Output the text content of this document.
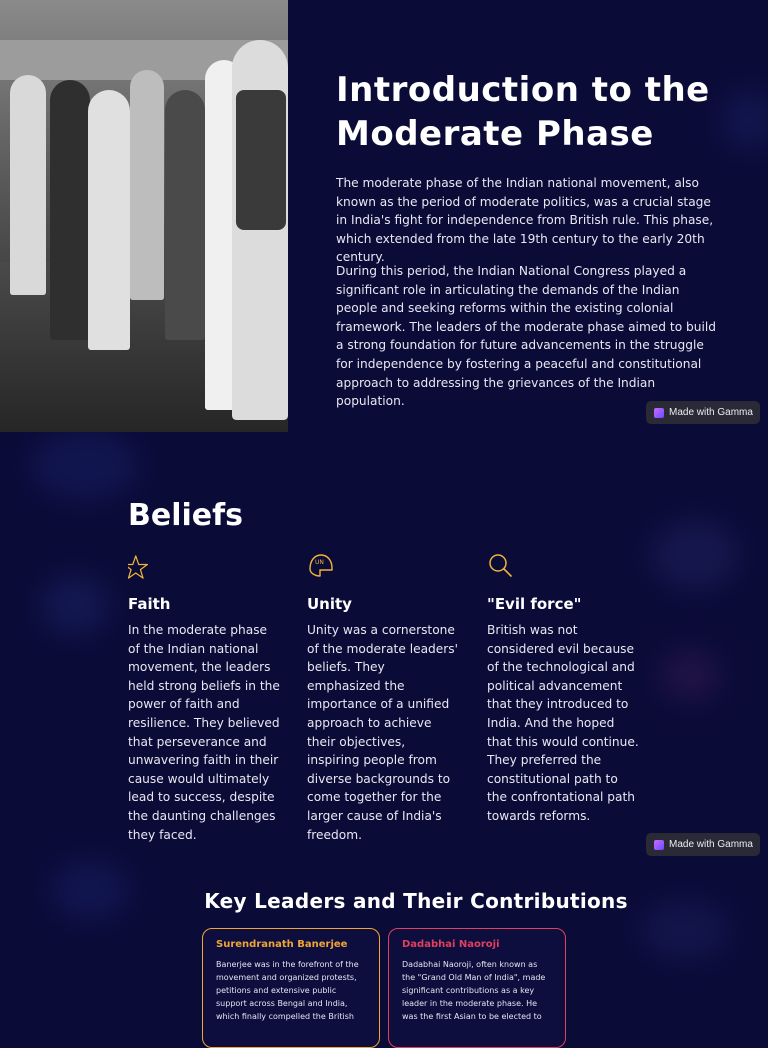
Introduction to the Moderate Phase

The moderate phase of the Indian national movement, also known as the period of moderate politics, was a crucial stage in India's fight for independence from British rule. This phase, which extended from the late 19th century to the early 20th century.

During this period, the Indian National Congress played a significant role in articulating the demands of the Indian people and seeking reforms within the existing colonial framework. The leaders of the moderate phase aimed to build a strong foundation for future advancements in the struggle for independence by fostering a peaceful and constitutional approach to addressing the grievances of the Indian population.

Made with Gamma
Beliefs
Faith

In the moderate phase of the Indian national movement, the leaders held strong beliefs in the power of faith and resilience. They believed that perseverance and unwavering faith in their cause would ultimately lead to success, despite the daunting challenges they faced.

UN
Unity

Unity was a cornerstone of the moderate leaders' beliefs. They emphasized the importance of a unified approach to achieve their objectives, inspiring people from diverse backgrounds to come together for the larger cause of India's freedom.

"Evil force"

British was not considered evil because of the technological and political advancement that they introduced to India. And the hoped that this would continue. They preferred the constitutional path to the confrontational path towards reforms.

Made with Gamma
Key Leaders and Their Contributions

Surendranath Banerjee

Banerjee was in the forefront of the movement and organized protests, petitions and extensive public support across Bengal and India, which finally compelled the British

Dadabhai Naoroji

Dadabhai Naoroji, often known as the "Grand Old Man of India", made significant contributions as a key leader in the moderate phase. He was the first Asian to be elected to
